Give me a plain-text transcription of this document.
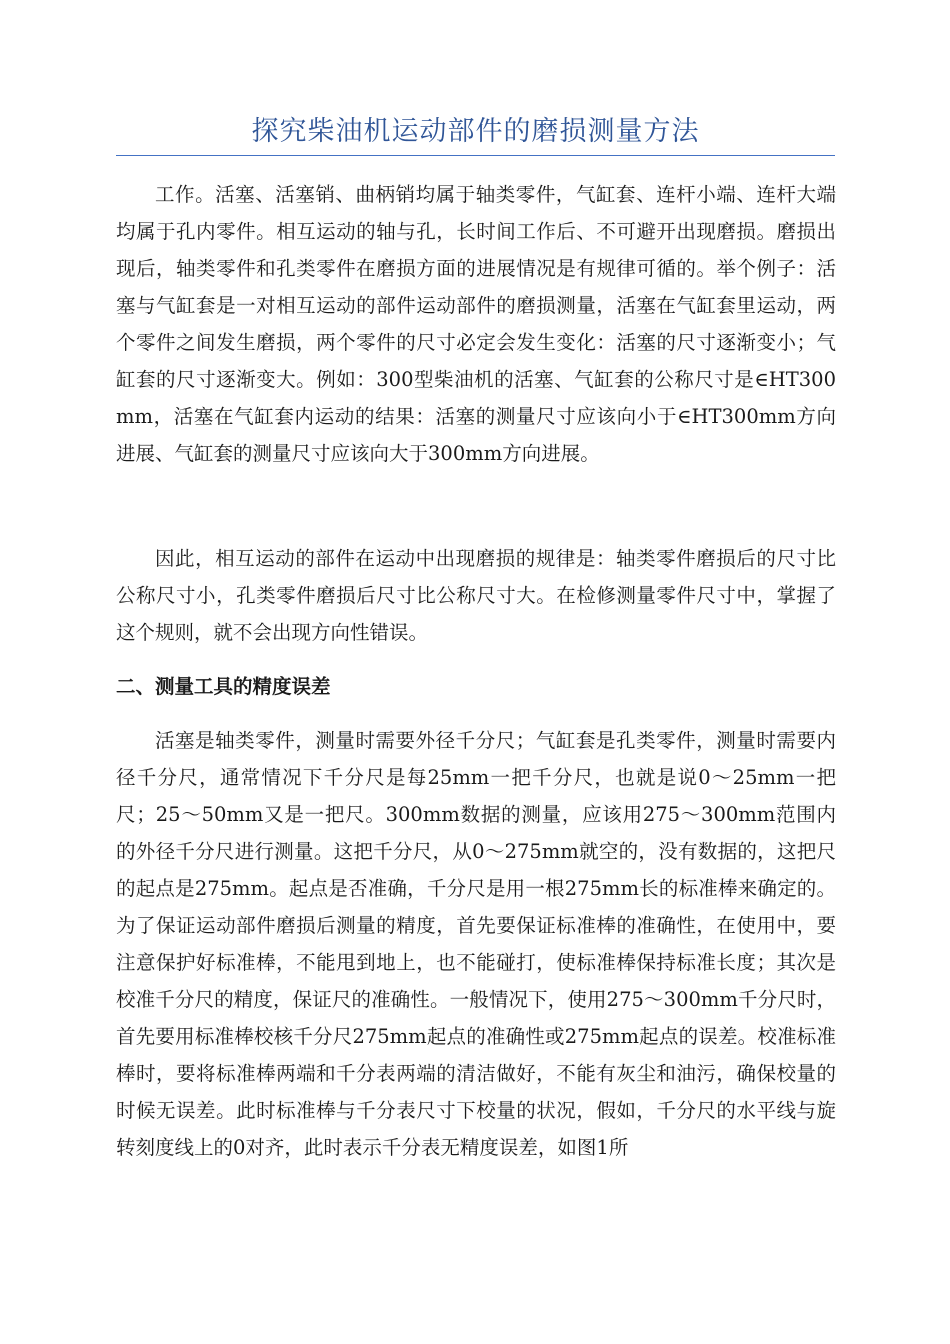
探究柴油机运动部件的磨损测量方法

工作。活塞、活塞销、曲柄销均属于轴类零件，气缸套、连杆小端、连杆大端均属于孔内零件。相互运动的轴与孔，长时间工作后、不可避开出现磨损。磨损出现后，轴类零件和孔类零件在磨损方面的进展情况是有规律可循的。举个例子：活塞与气缸套是一对相互运动的部件运动部件的磨损测量，活塞在气缸套里运动，两个零件之间发生磨损，两个零件的尺寸必定会发生变化：活塞的尺寸逐渐变小；气缸套的尺寸逐渐变大。例如：300型柴油机的活塞、气缸套的公称尺寸是∈HT300mm，活塞在气缸套内运动的结果：活塞的测量尺寸应该向小于∈HT300mm方向进展、气缸套的测量尺寸应该向大于300mm方向进展。

因此，相互运动的部件在运动中出现磨损的规律是：轴类零件磨损后的尺寸比公称尺寸小，孔类零件磨损后尺寸比公称尺寸大。在检修测量零件尺寸中，掌握了这个规则，就不会出现方向性错误。

二、测量工具的精度误差

活塞是轴类零件，测量时需要外径千分尺；气缸套是孔类零件，测量时需要内径千分尺，通常情况下千分尺是每25mm一把千分尺，也就是说0～25mm一把尺；25～50mm又是一把尺。300mm数据的测量，应该用275～300mm范围内的外径千分尺进行测量。这把千分尺，从0～275mm就空的，没有数据的，这把尺的起点是275mm。起点是否准确，千分尺是用一根275mm长的标准棒来确定的。为了保证运动部件磨损后测量的精度，首先要保证标准棒的准确性，在使用中，要注意保护好标准棒，不能甩到地上，也不能碰打，使标准棒保持标准长度；其次是校准千分尺的精度，保证尺的准确性。一般情况下，使用275～300mm千分尺时，首先要用标准棒校核千分尺275mm起点的准确性或275mm起点的误差。校准标准棒时，要将标准棒两端和千分表两端的清洁做好，不能有灰尘和油污，确保校量的时候无误差。此时标准棒与千分表尺寸下校量的状况，假如，千分尺的水平线与旋转刻度线上的0对齐，此时表示千分表无精度误差，如图1所
